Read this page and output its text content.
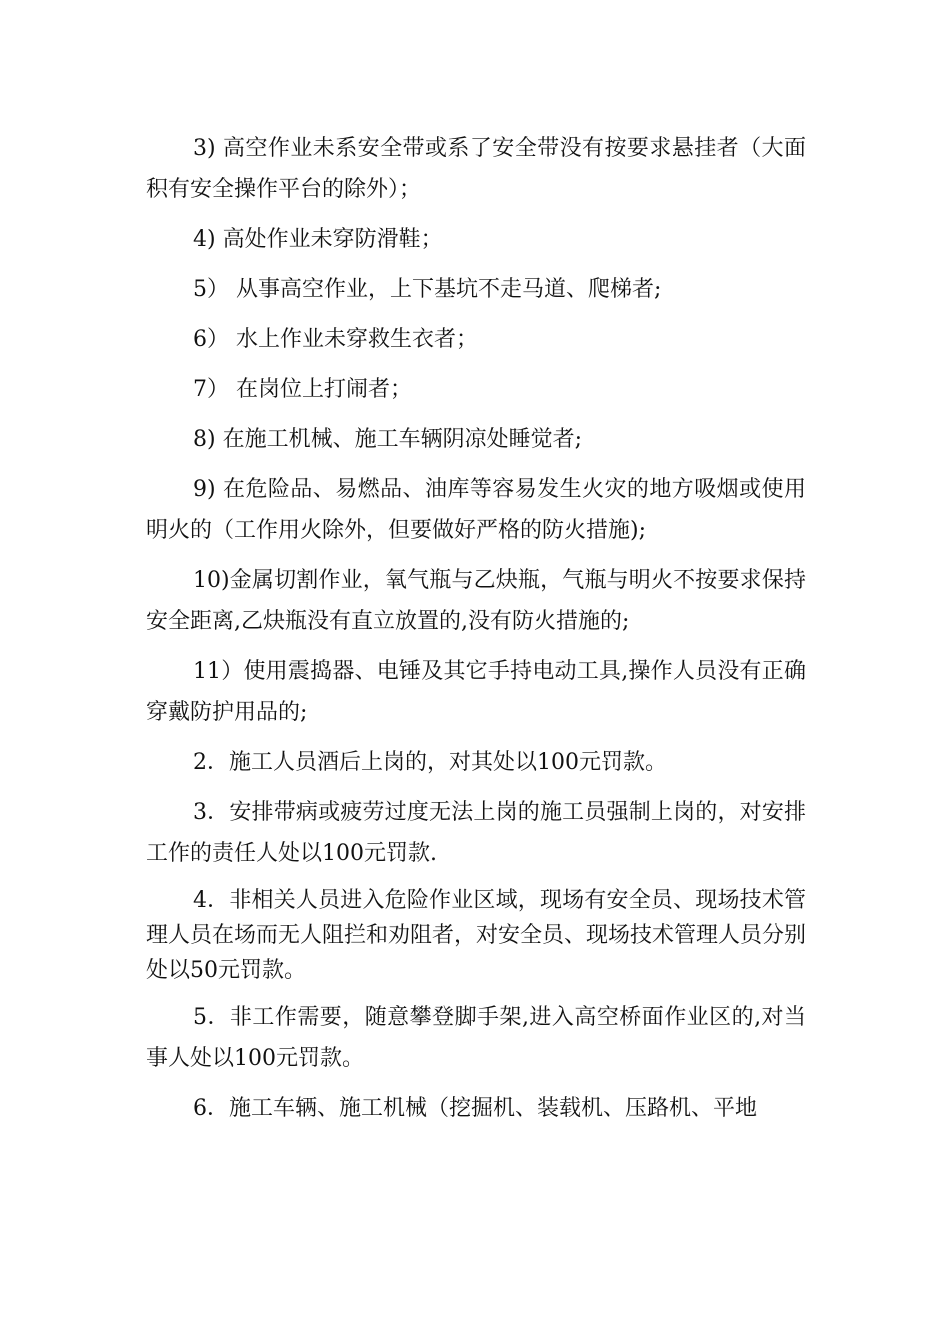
3) 高空作业未系安全带或系了安全带没有按要求悬挂者（大面积有安全操作平台的除外）；

4) 高处作业未穿防滑鞋；

5） 从事高空作业，上下基坑不走马道、爬梯者;

6） 水上作业未穿救生衣者；

7） 在岗位上打闹者；

8) 在施工机械、施工车辆阴凉处睡觉者;

9) 在危险品、易燃品、油库等容易发生火灾的地方吸烟或使用明火的（工作用火除外，但要做好严格的防火措施);

10)金属切割作业，氧气瓶与乙炔瓶，气瓶与明火不按要求保持安全距离,乙炔瓶没有直立放置的,没有防火措施的;

11）使用震捣器、电锤及其它手持电动工具,操作人员没有正确穿戴防护用品的;

2．施工人员酒后上岗的，对其处以100元罚款。

3．安排带病或疲劳过度无法上岗的施工员强制上岗的，对安排工作的责任人处以100元罚款.

4．非相关人员进入危险作业区域，现场有安全员、现场技术管理人员在场而无人阻拦和劝阻者，对安全员、现场技术管理人员分别处以50元罚款。

5．非工作需要，随意攀登脚手架,进入高空桥面作业区的,对当事人处以100元罚款。

6．施工车辆、施工机械（挖掘机、装载机、压路机、平地
